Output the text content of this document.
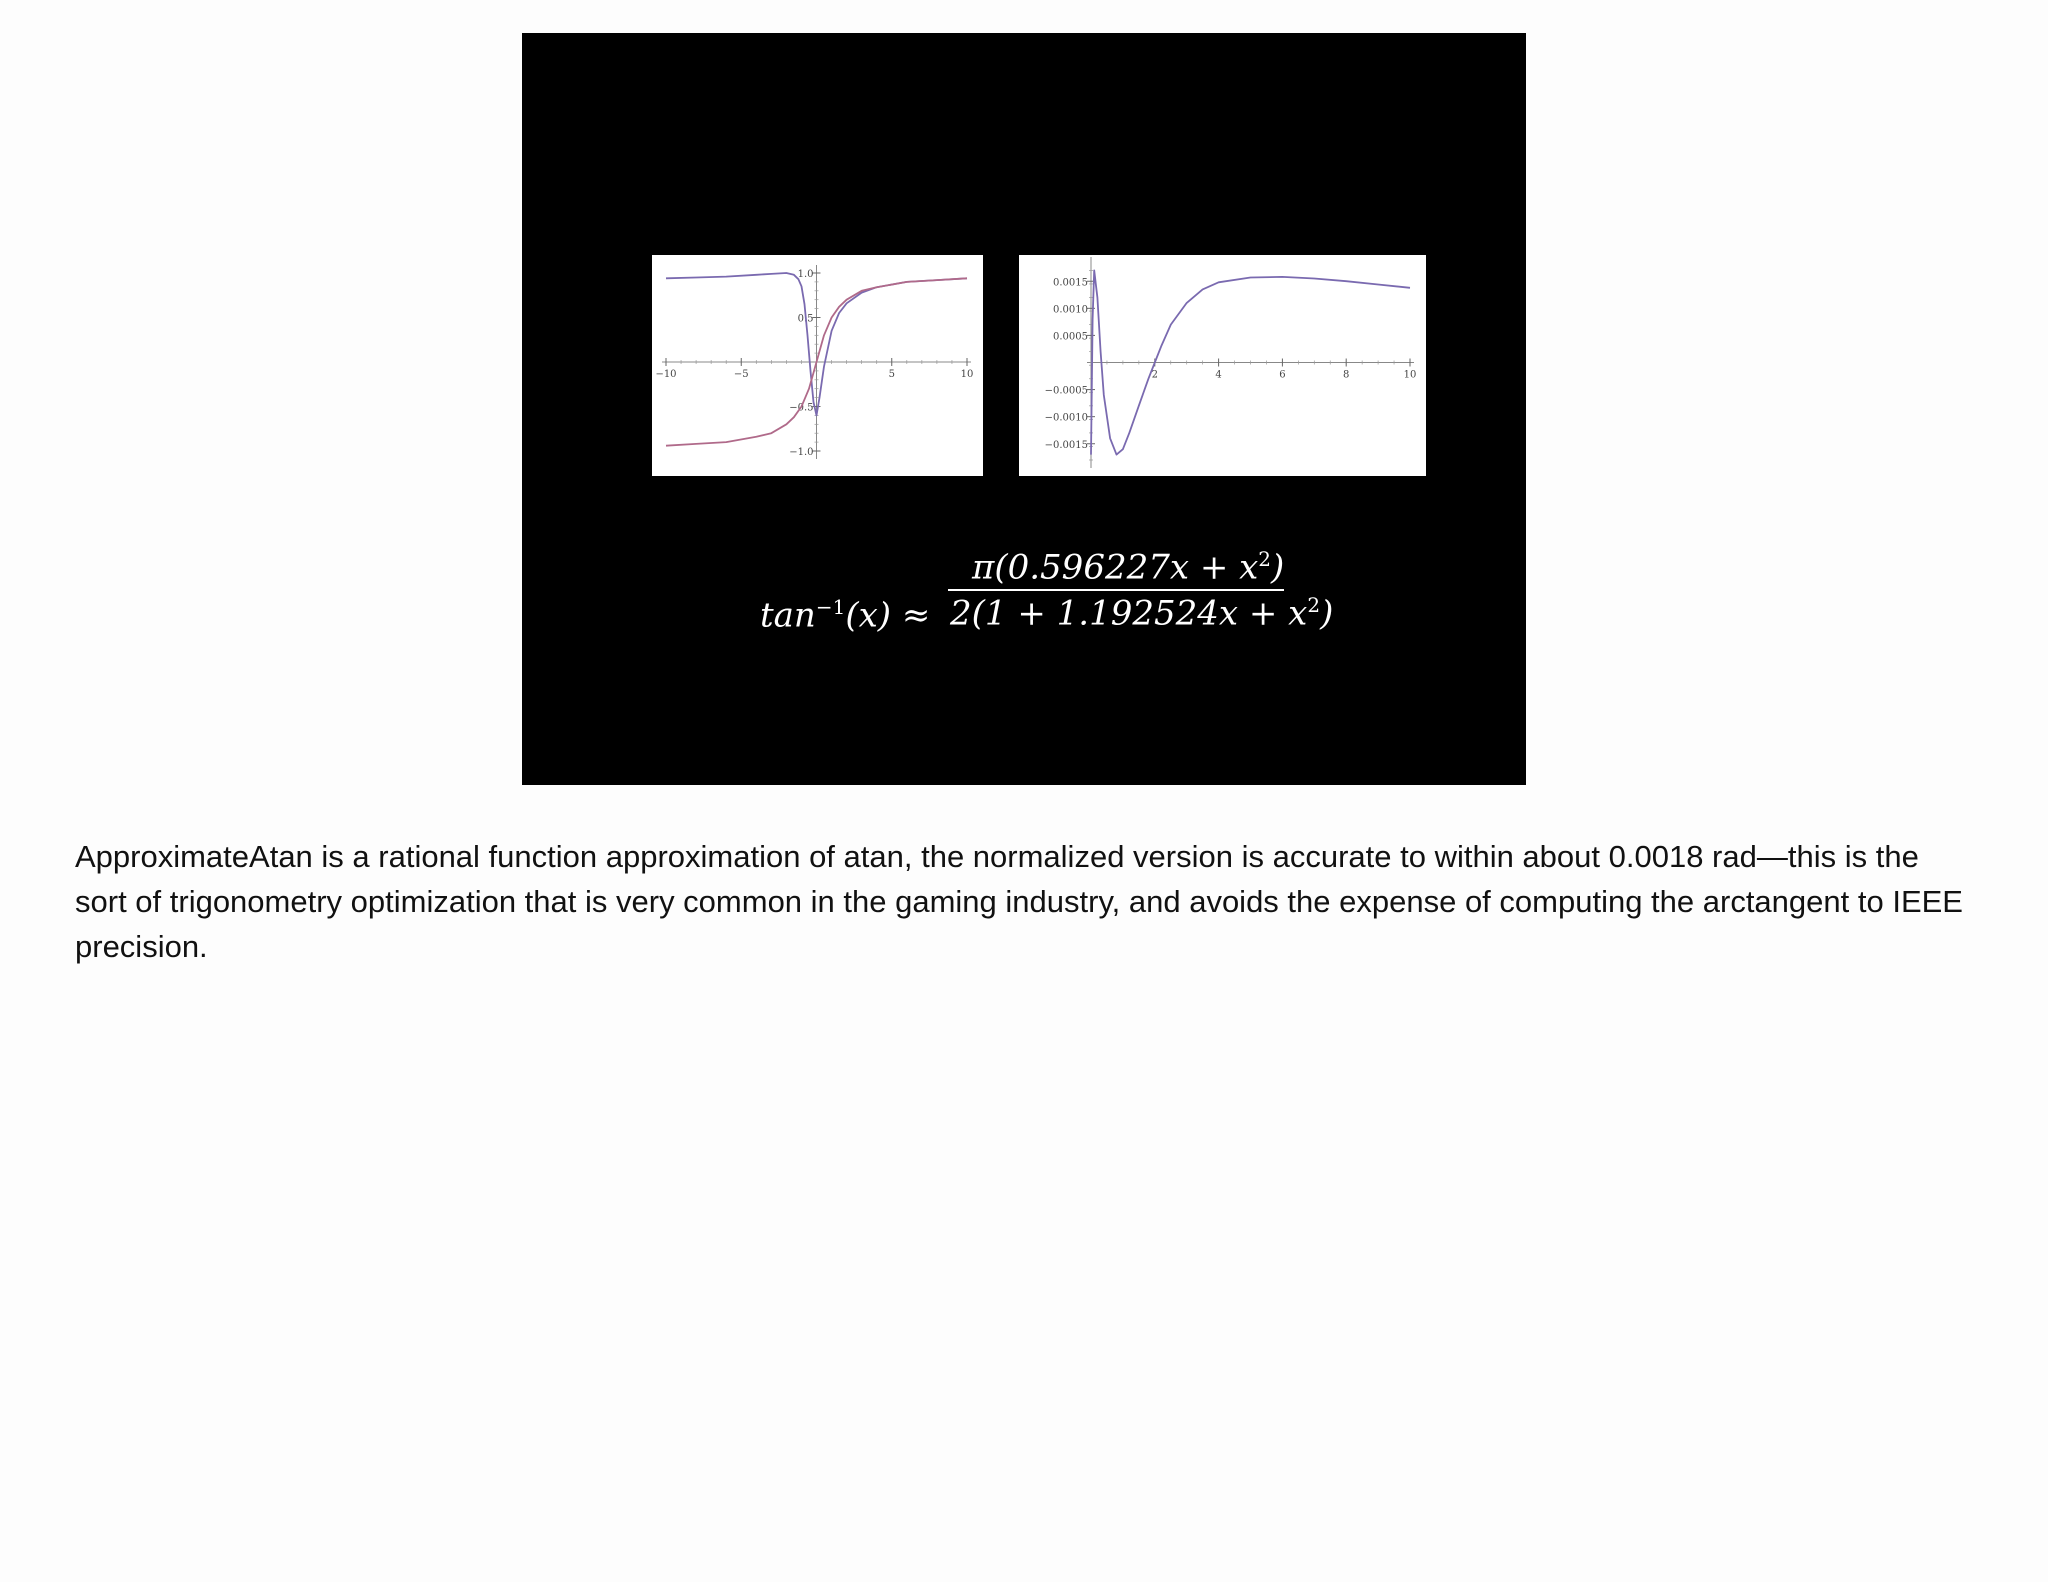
−10	−5	5	10
1.0
0.5
−0.5
−1.0
2	4	6	8	10
0.0015
0.0010
0.0005
−0.0005
−0.0010
−0.0015
$\tan^{-1}(x)$ ≈
$\pi(0.596227x + x^2)$
$2(1 + 1.192524x + x^2)$

ApproximateAtan is a rational function approximation of atan, the normalized version is accurate to within about 0.0018 rad—this is the sort of trigonometry optimization that is very common in the gaming industry, and avoids the expense of computing the arctangent to IEEE precision.
